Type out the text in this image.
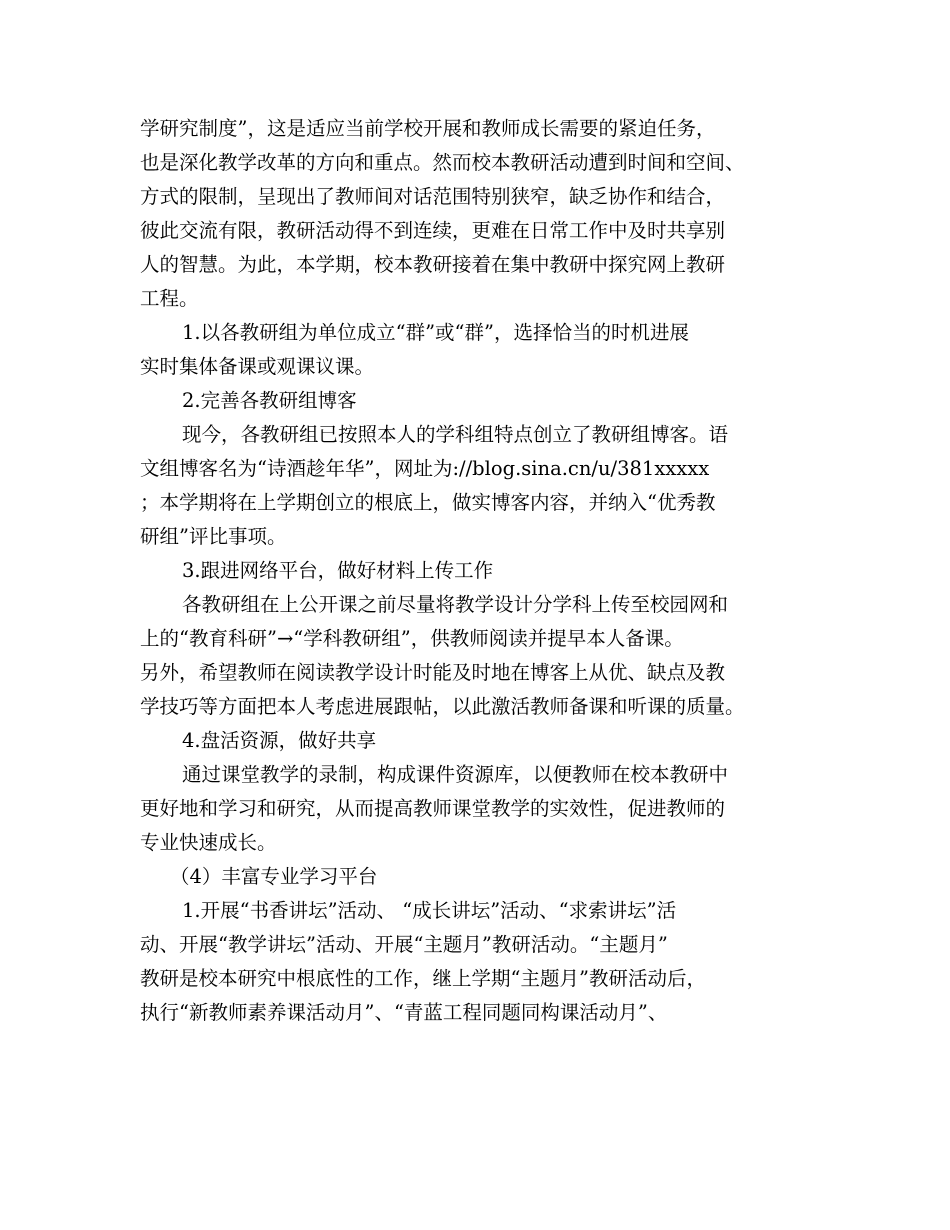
学研究制度”，这是适应当前学校开展和教师成长需要的紧迫任务，
也是深化教学改革的方向和重点。然而校本教研活动遭到时间和空间、
方式的限制，呈现出了教师间对话范围特别狭窄，缺乏协作和结合，
彼此交流有限，教研活动得不到连续，更难在日常工作中及时共享别
人的智慧。为此，本学期，校本教研接着在集中教研中探究网上教研
工程。
1.以各教研组为单位成立“群”或“群”，选择恰当的时机进展
实时集体备课或观课议课。
2.完善各教研组博客
现今，各教研组已按照本人的学科组特点创立了教研组博客。语
文组博客名为“诗酒趁年华”，网址为://blog.sina.cn/u/381xxxxx
；本学期将在上学期创立的根底上，做实博客内容，并纳入“优秀教
研组”评比事项。
3.跟进网络平台，做好材料上传工作
各教研组在上公开课之前尽量将教学设计分学科上传至校园网和
上的“教育科研”→“学科教研组”，供教师阅读并提早本人备课。
另外，希望教师在阅读教学设计时能及时地在博客上从优、缺点及教
学技巧等方面把本人考虑进展跟帖，以此激活教师备课和听课的质量。
4.盘活资源，做好共享
通过课堂教学的录制，构成课件资源库，以便教师在校本教研中
更好地和学习和研究，从而提高教师课堂教学的实效性，促进教师的
专业快速成长。
（4）丰富专业学习平台
1.开展“书香讲坛”活动、 “成长讲坛”活动、“求索讲坛”活
动、开展“教学讲坛”活动、开展“主题月”教研活动。“主题月”
教研是校本研究中根底性的工作，继上学期“主题月”教研活动后，
执行“新教师素养课活动月”、“青蓝工程同题同构课活动月”、
